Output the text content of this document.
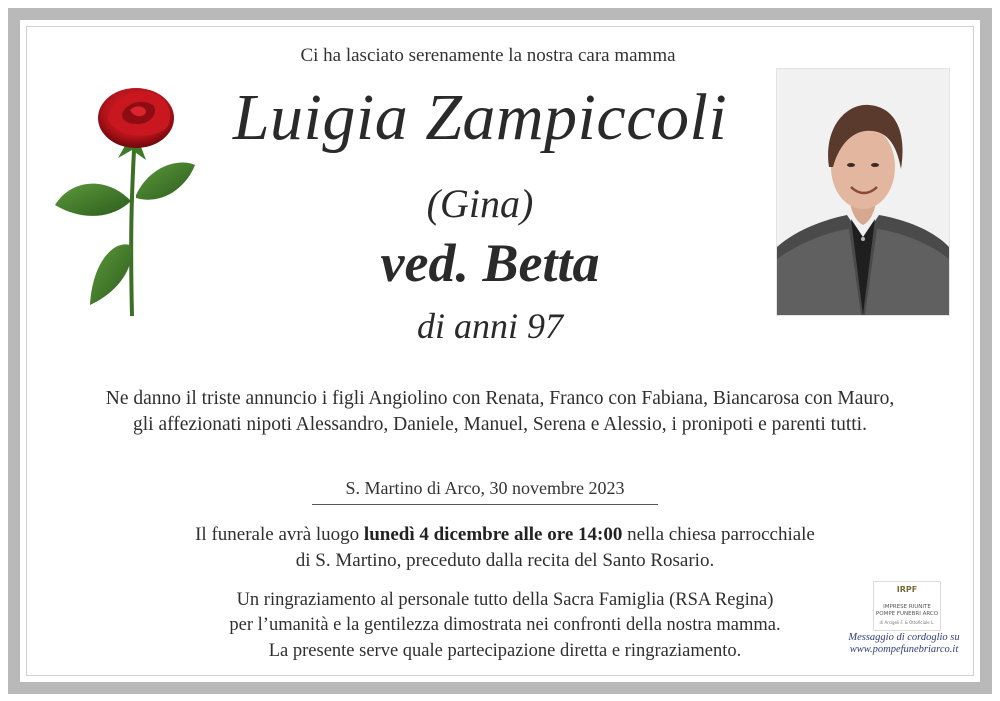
Ci ha lasciato serenamente la nostra cara mamma
Luigia Zampiccoli
(Gina)
ved. Betta
di anni 97
Ne danno il triste annuncio i figli Angiolino con Renata, Franco con Fabiana, Biancarosa con Mauro,
gli affezionati nipoti Alessandro, Daniele, Manuel, Serena e Alessio, i pronipoti e parenti tutti.
S. Martino di Arco, 30 novembre 2023
Il funerale avrà luogo lunedì 4 dicembre alle ore 14:00 nella chiesa parrocchiale
di S. Martino, preceduto dalla recita del Santo Rosario.
Un ringraziamento al personale tutto della Sacra Famiglia (RSA Regina)
per l’umanità e la gentilezza dimostrata nei confronti della nostra mamma.
La presente serve quale partecipazione diretta e ringraziamento.
IRPF
IMPRESE RIUNITE
POMPE FUNEBRI ARCO
di Arcigeli F. & Ottoficiale L.
Messaggio di cordoglio su
www.pompefunebriarco.it
